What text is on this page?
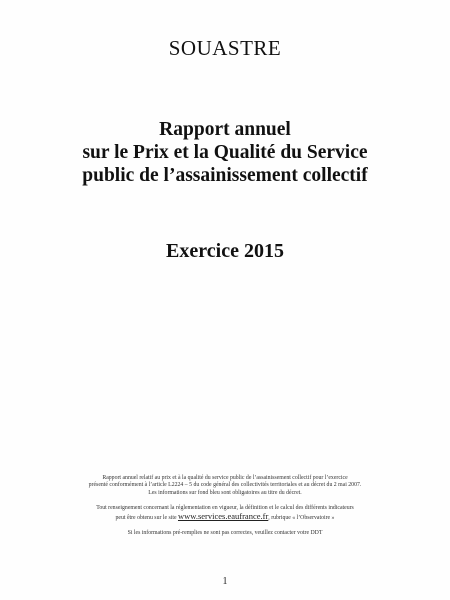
SOUASTRE
Rapport annuel
sur le Prix et la Qualité du Service
public de l’assainissement collectif
Exercice 2015
Rapport annuel relatif au prix et à la qualité du service public de l’assainissement collectif pour l’exercice
présenté conformément à l’article L2224 – 5 du code général des collectivités territoriales et au décret du 2 mai 2007.
Les informations sur fond bleu sont obligatoires au titre du décret.
Tout renseignement concernant la réglementation en vigueur, la définition et le calcul des différents indicateurs
peut être obtenu sur le site www.services.eaufrance.fr, rubrique « l’Observatoire »
Si les informations pré-remplies ne sont pas correctes, veuillez contacter votre DDT
1
